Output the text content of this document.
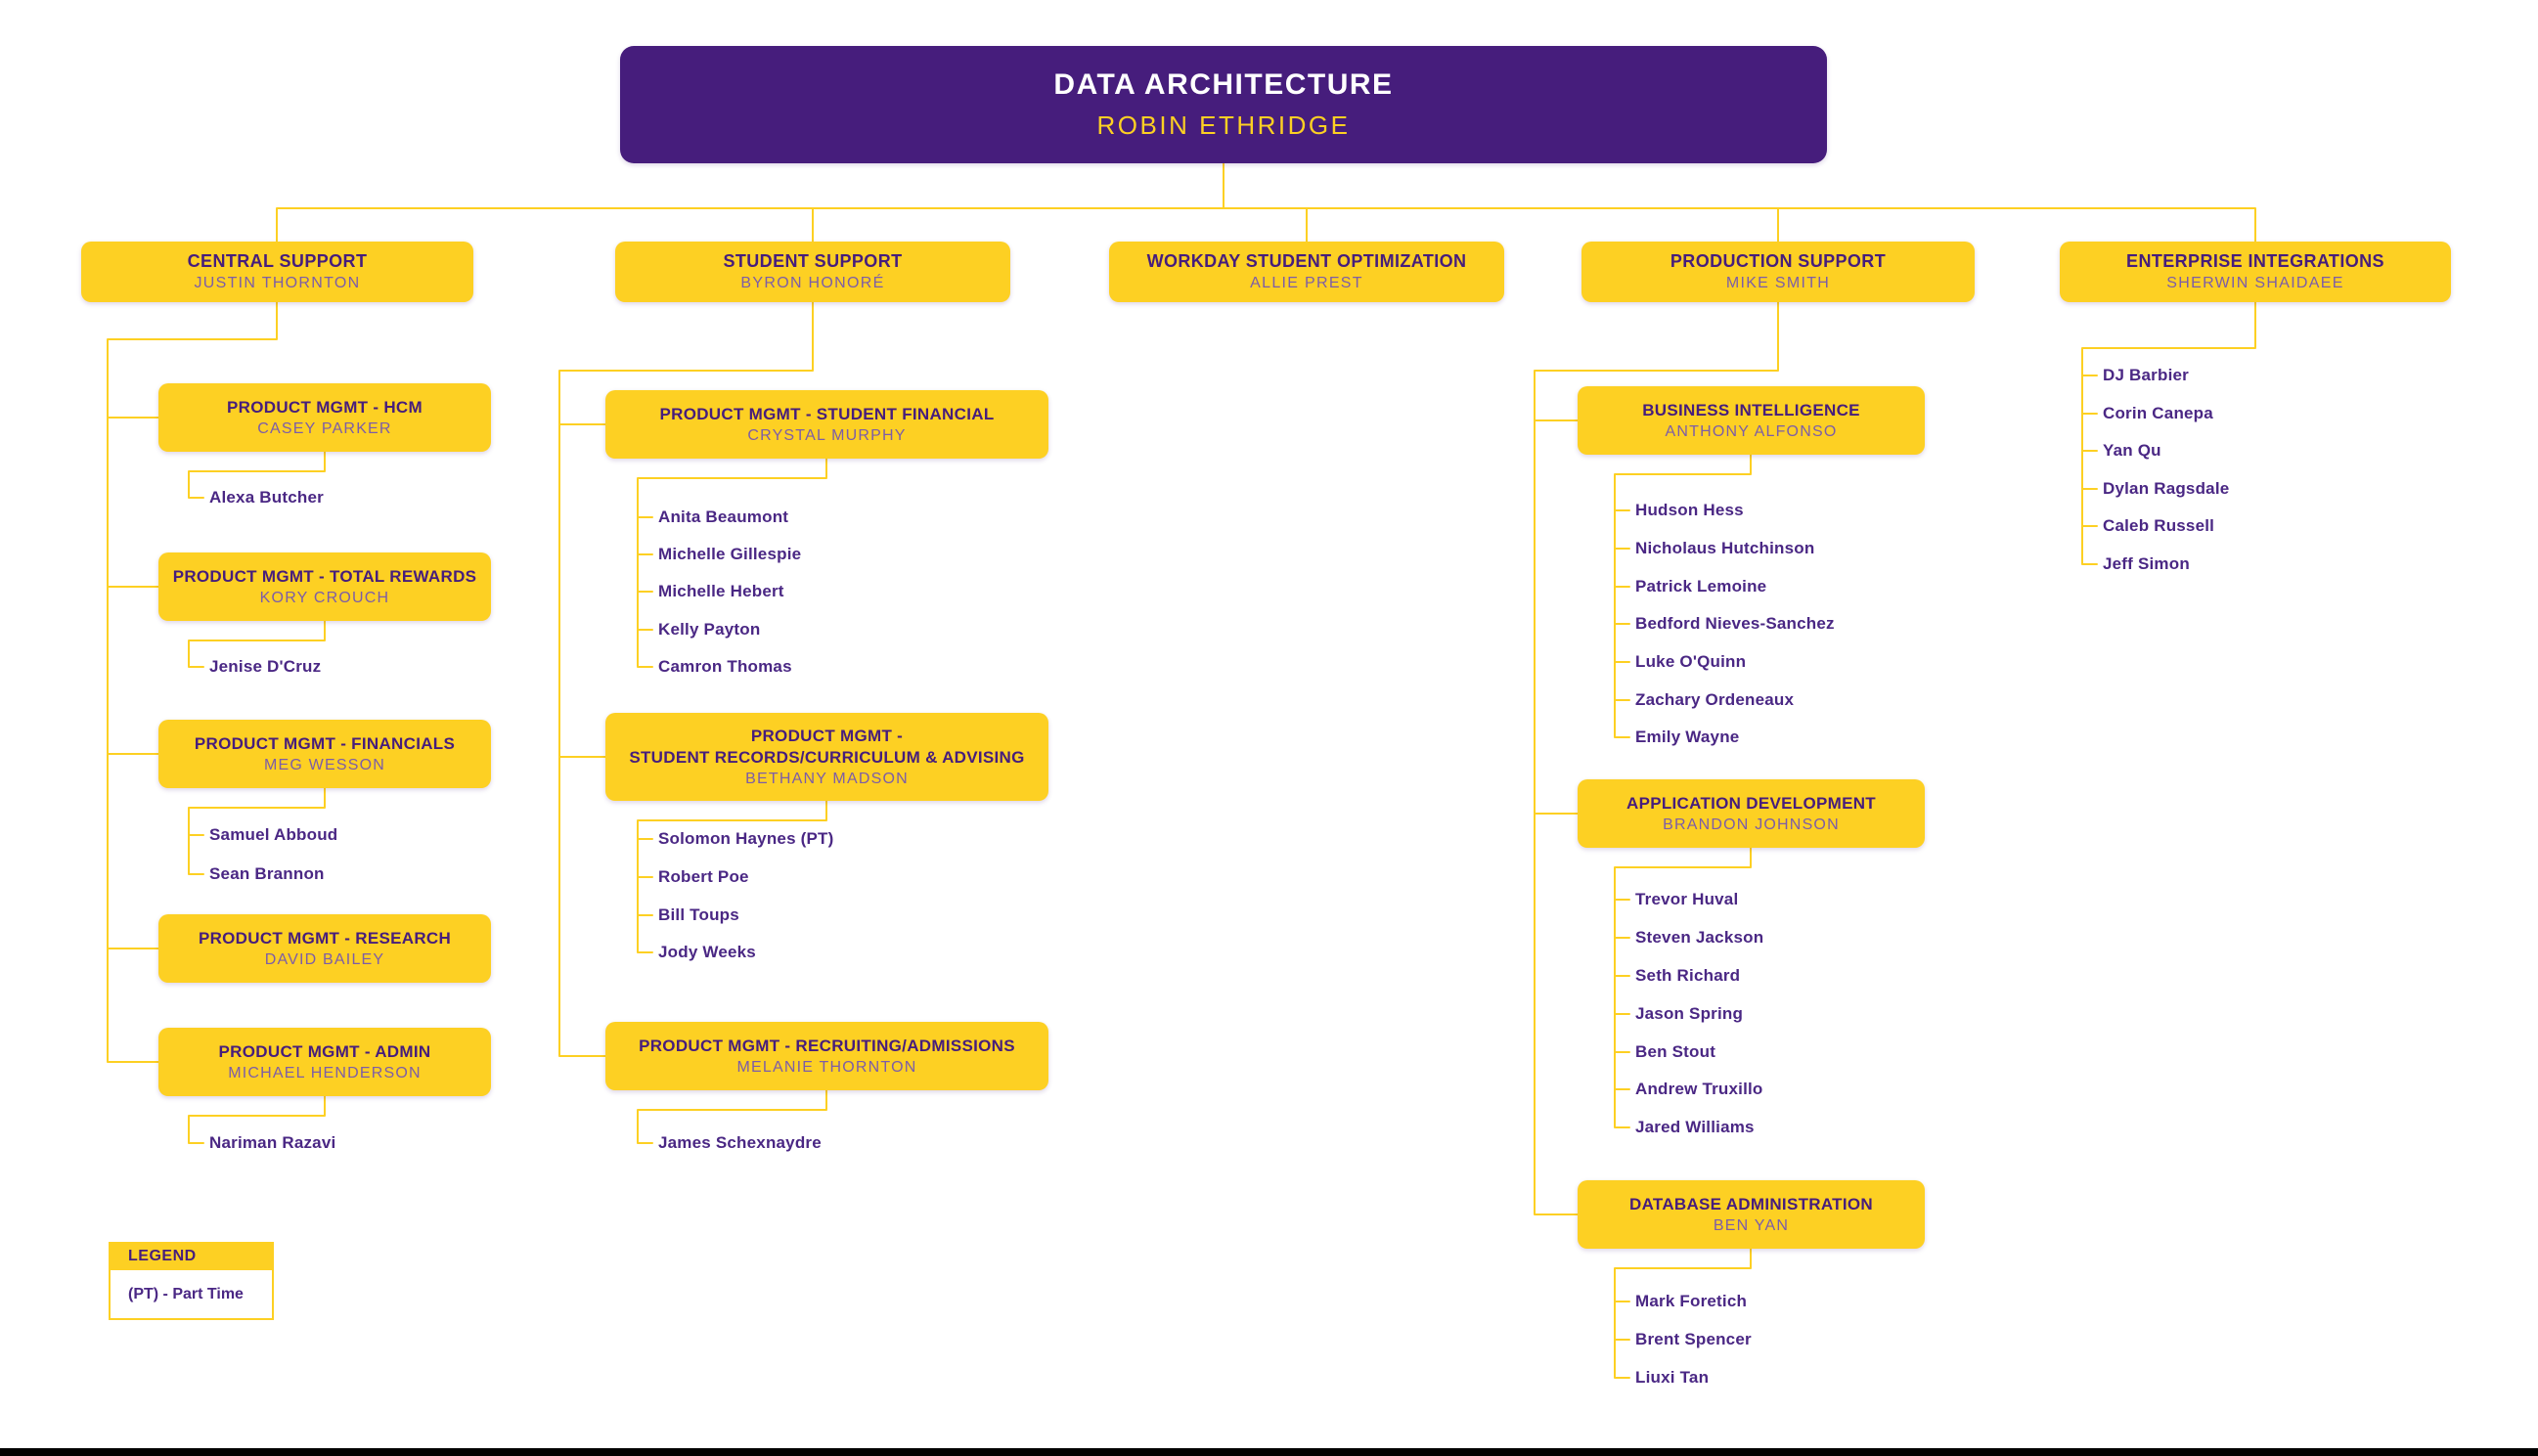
DATA ARCHITECTURE
ROBIN ETHRIDGE
CENTRAL SUPPORT
JUSTIN THORNTON
STUDENT SUPPORT
BYRON HONORÉ
WORKDAY STUDENT OPTIMIZATION
ALLIE PREST
PRODUCTION SUPPORT
MIKE SMITH
ENTERPRISE INTEGRATIONS
SHERWIN SHAIDAEE
PRODUCT MGMT - HCM
CASEY PARKER
PRODUCT MGMT - TOTAL REWARDS
KORY CROUCH
PRODUCT MGMT - FINANCIALS
MEG WESSON
PRODUCT MGMT - RESEARCH
DAVID BAILEY
PRODUCT MGMT - ADMIN
MICHAEL HENDERSON
Alexa Butcher
Jenise D'Cruz
Samuel Abboud
Sean Brannon
Nariman Razavi
PRODUCT MGMT - STUDENT FINANCIAL
CRYSTAL MURPHY
PRODUCT MGMT -
STUDENT RECORDS/CURRICULUM & ADVISING
BETHANY MADSON
PRODUCT MGMT - RECRUITING/ADMISSIONS
MELANIE THORNTON
Anita Beaumont
Michelle Gillespie
Michelle Hebert
Kelly Payton
Camron Thomas
Solomon Haynes (PT)
Robert Poe
Bill Toups
Jody Weeks
James Schexnaydre
BUSINESS INTELLIGENCE
ANTHONY ALFONSO
APPLICATION DEVELOPMENT
BRANDON JOHNSON
DATABASE ADMINISTRATION
BEN YAN
Hudson Hess
Nicholaus Hutchinson
Patrick Lemoine
Bedford Nieves-Sanchez
Luke O'Quinn
Zachary Ordeneaux
Emily Wayne
Trevor Huval
Steven Jackson
Seth Richard
Jason Spring
Ben Stout
Andrew Truxillo
Jared Williams
Mark Foretich
Brent Spencer
Liuxi Tan
DJ Barbier
Corin Canepa
Yan Qu
Dylan Ragsdale
Caleb Russell
Jeff Simon
LEGEND
(PT) - Part Time
